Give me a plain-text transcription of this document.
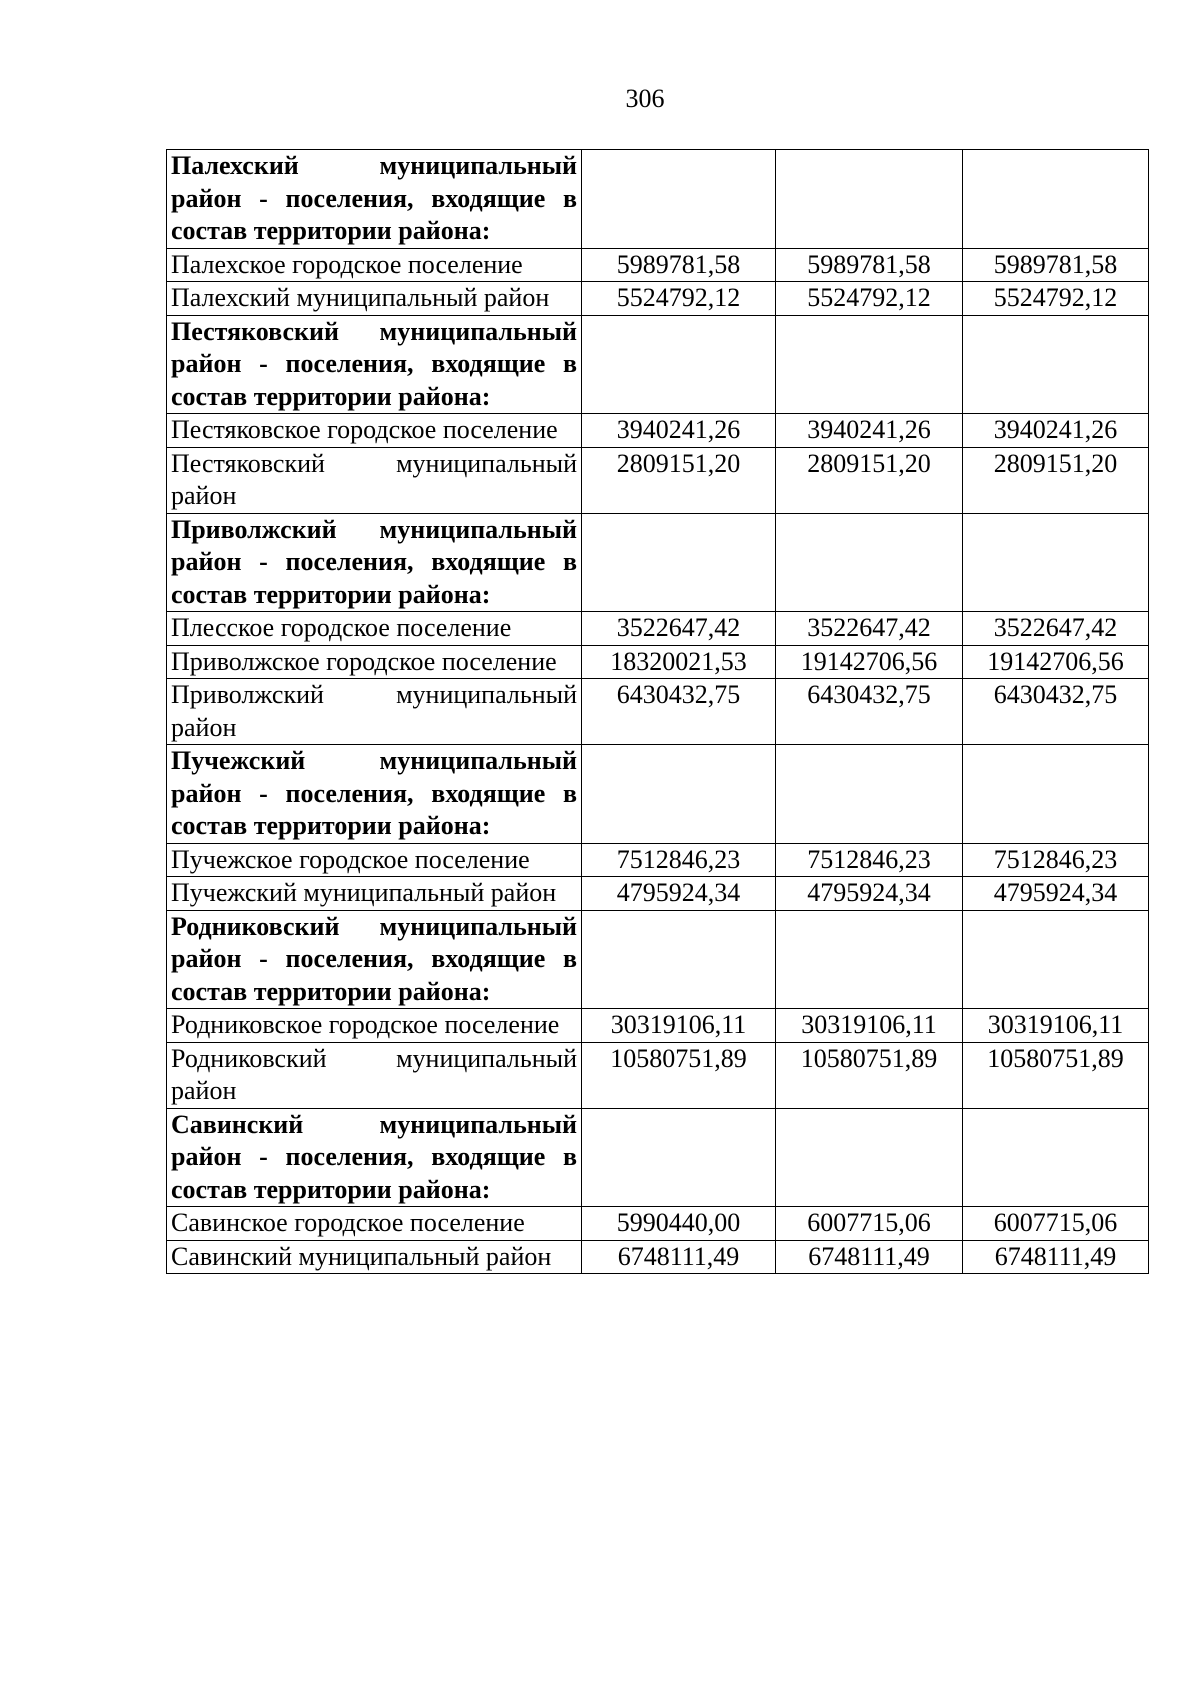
306
Палехский муниципальный район - поселения, входящие в состав территории района:			
Палехское городское поселение	5989781,58	5989781,58	5989781,58
Палехский муниципальный район	5524792,12	5524792,12	5524792,12
Пестяковский муниципальный район - поселения, входящие в состав территории района:			
Пестяковское городское поселение	3940241,26	3940241,26	3940241,26
Пестяковский муниципальный район	2809151,20	2809151,20	2809151,20
Приволжский муниципальный район - поселения, входящие в состав территории района:			
Плесское городское поселение	3522647,42	3522647,42	3522647,42
Приволжское городское поселение	18320021,53	19142706,56	19142706,56
Приволжский муниципальный район	6430432,75	6430432,75	6430432,75
Пучежский муниципальный район - поселения, входящие в состав территории района:			
Пучежское городское поселение	7512846,23	7512846,23	7512846,23
Пучежский муниципальный район	4795924,34	4795924,34	4795924,34
Родниковский муниципальный район - поселения, входящие в состав территории района:			
Родниковское городское поселение	30319106,11	30319106,11	30319106,11
Родниковский муниципальный район	10580751,89	10580751,89	10580751,89
Савинский муниципальный район - поселения, входящие в состав территории района:			
Савинское городское поселение	5990440,00	6007715,06	6007715,06
Савинский муниципальный район	6748111,49	6748111,49	6748111,49
